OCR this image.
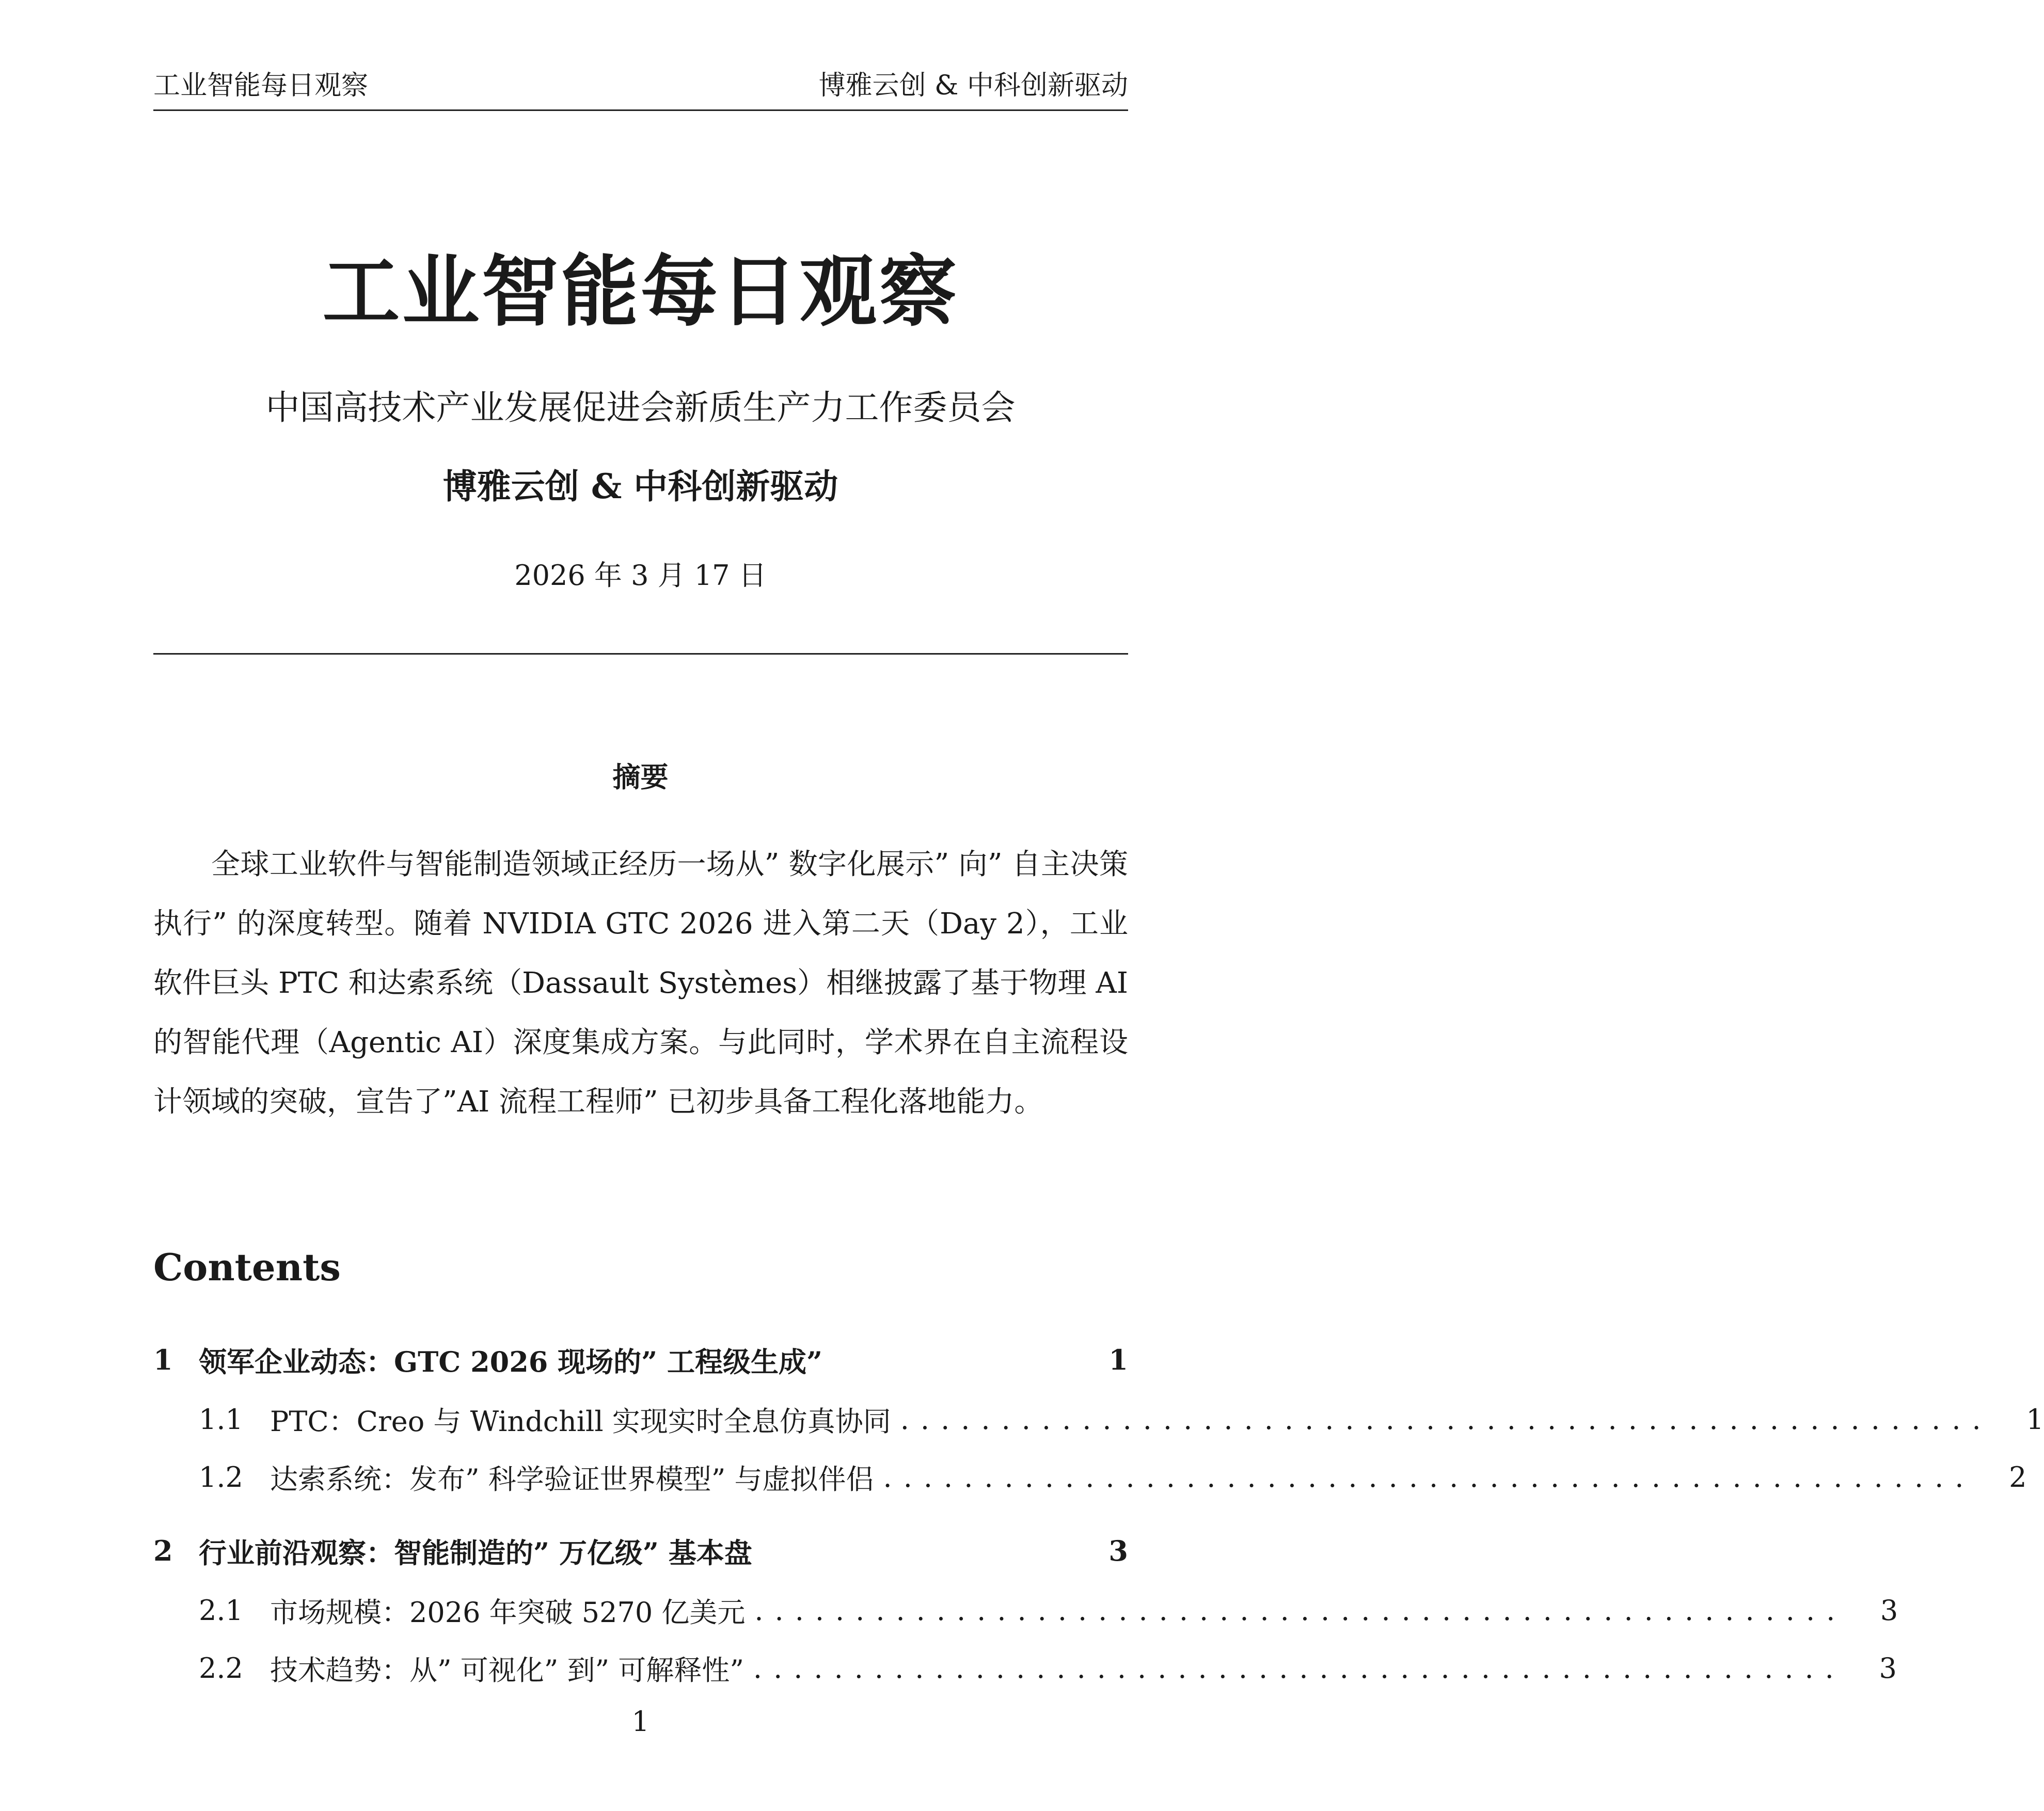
工业智能每日观察	博雅云创 & 中科创新驱动
工业智能每日观察
中国高技术产业发展促进会新质生产力工作委员会
博雅云创 & 中科创新驱动
2026 年 3 月 17 日
摘要

全球工业软件与智能制造领域正经历一场从” 数字化展示” 向” 自主决策执行” 的深度转型。随着 NVIDIA GTC 2026 进入第二天（Day 2），工业软件巨头 PTC 和达索系统（Dassault Systèmes）相继披露了基于物理 AI 的智能代理（Agentic AI）深度集成方案。与此同时，学术界在自主流程设计领域的突破，宣告了”AI 流程工程师” 已初步具备工程化落地能力。

Contents
1 领军企业动态：GTC 2026 现场的” 工程级生成”	1
1.1 PTC：Creo 与 Windchill 实现实时全息仿真协同 ......................................................	1
1.2 达索系统：发布” 科学验证世界模型” 与虚拟伴侣 ......................................................	2
2 行业前沿观察：智能制造的” 万亿级” 基本盘	3
2.1 市场规模：2026 年突破 5270 亿美元 ......................................................	3
2.2 技术趋势：从” 可视化” 到” 可解释性” ......................................................	3
1
